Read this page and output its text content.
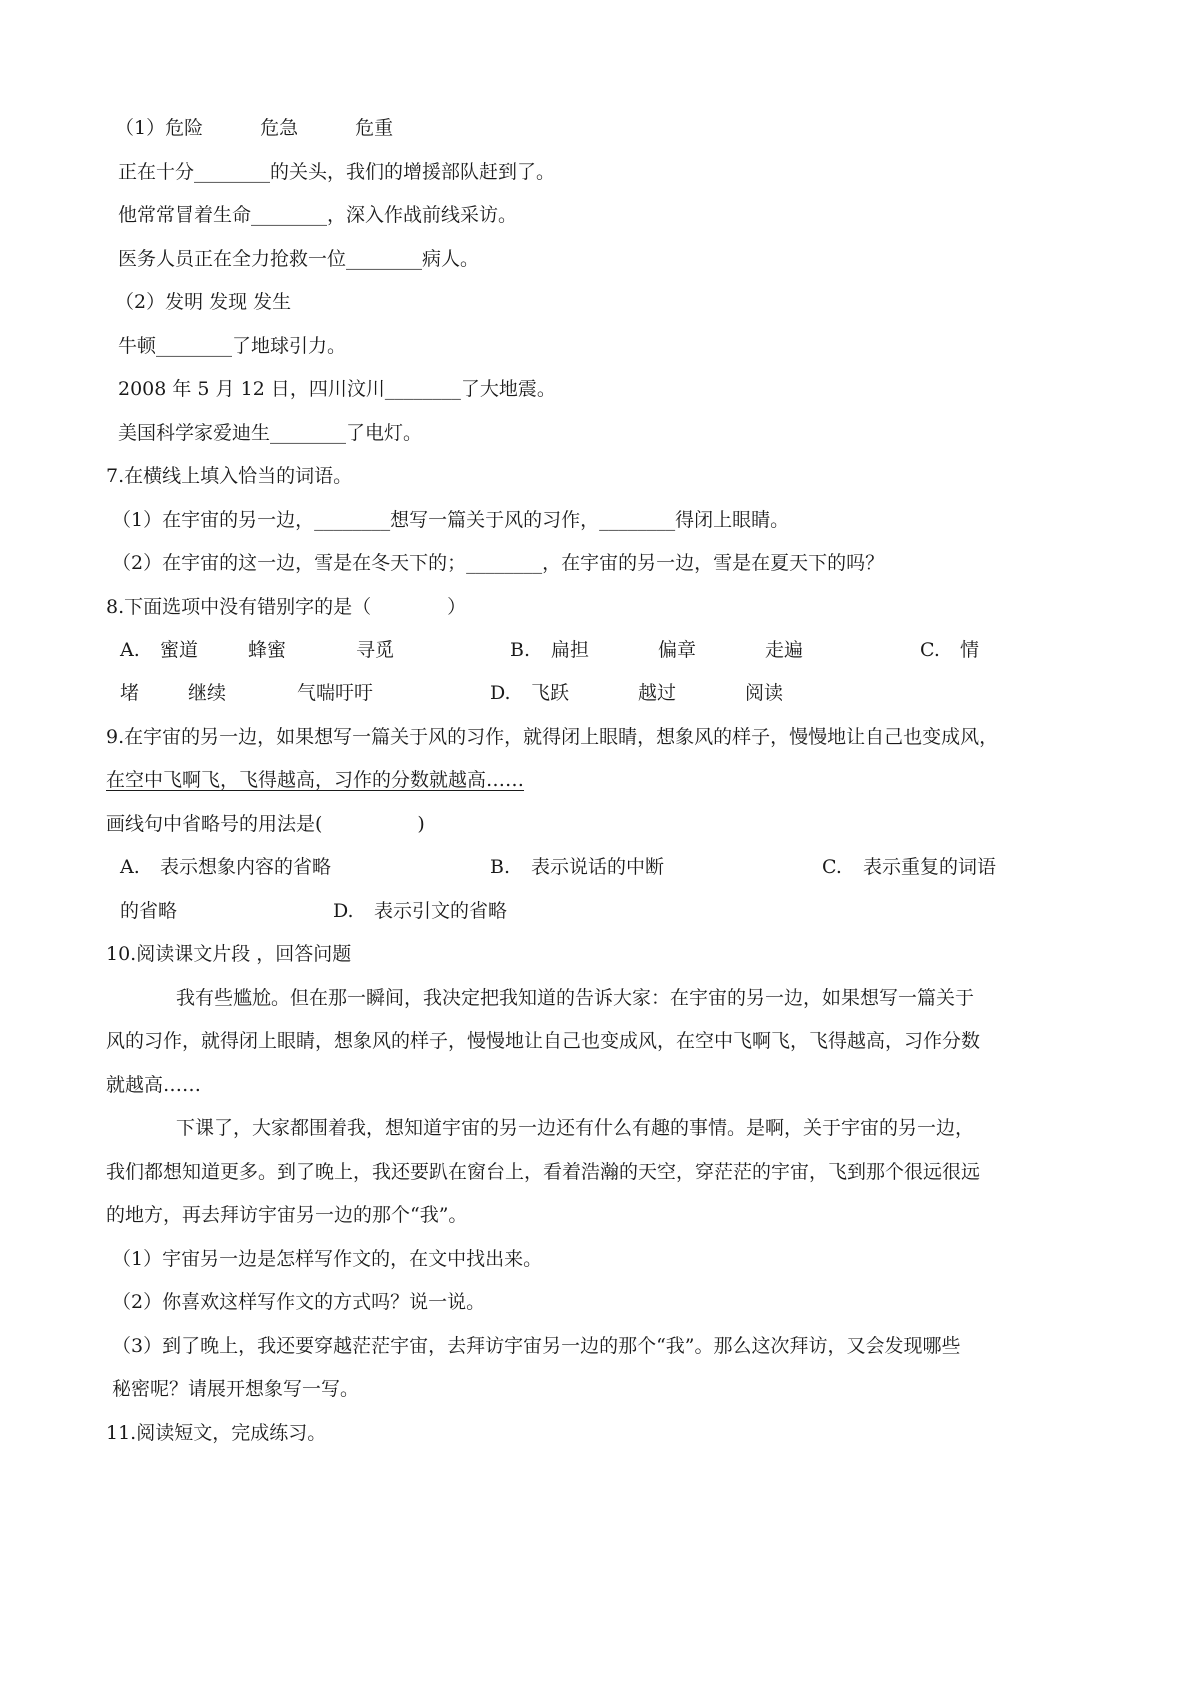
（1）危险　　　危急　　　危重
正在十分________的关头，我们的增援部队赶到了。
他常常冒着生命________，深入作战前线采访。
医务人员正在全力抢救一位________病人。
（2）发明 发现 发生
牛顿________了地球引力。
2008 年 5 月 12 日，四川汶川________了大地震。
美国科学家爱迪生________了电灯。
7.在横线上填入恰当的词语。
（1）在宇宙的另一边，________想写一篇关于风的习作，________得闭上眼睛。
（2）在宇宙的这一边，雪是在冬天下的；________，在宇宙的另一边，雪是在夏天下的吗？
8.下面选项中没有错别字的是（　　　　）
A. 蜜道	蜂蜜	寻觅	B. 扁担	偏章	走遍	C. 情
堵	继续	气喘吁吁	D. 飞跃	越过	阅读
9.在宇宙的另一边，如果想写一篇关于风的习作，就得闭上眼睛，想象风的样子，慢慢地让自己也变成风，
在空中飞啊飞，飞得越高，习作的分数就越高……
画线句中省略号的用法是(　　　　　)
A. 表示想象内容的省略	B. 表示说话的中断	C. 表示重复的词语
的省略	D. 表示引文的省略
10.阅读课文片段 ，回答问题
我有些尴尬。但在那一瞬间，我决定把我知道的告诉大家：在宇宙的另一边，如果想写一篇关于
风的习作，就得闭上眼睛，想象风的样子，慢慢地让自己也变成风，在空中飞啊飞，飞得越高，习作分数
就越高……
下课了，大家都围着我，想知道宇宙的另一边还有什么有趣的事情。是啊，关于宇宙的另一边，
我们都想知道更多。到了晚上，我还要趴在窗台上，看着浩瀚的天空，穿茫茫的宇宙，飞到那个很远很远
的地方，再去拜访宇宙另一边的那个“我”。
（1）宇宙另一边是怎样写作文的，在文中找出来。
（2）你喜欢这样写作文的方式吗？说一说。
（3）到了晚上，我还要穿越茫茫宇宙，去拜访宇宙另一边的那个“我”。那么这次拜访，又会发现哪些
秘密呢？请展开想象写一写。
11.阅读短文，完成练习。
